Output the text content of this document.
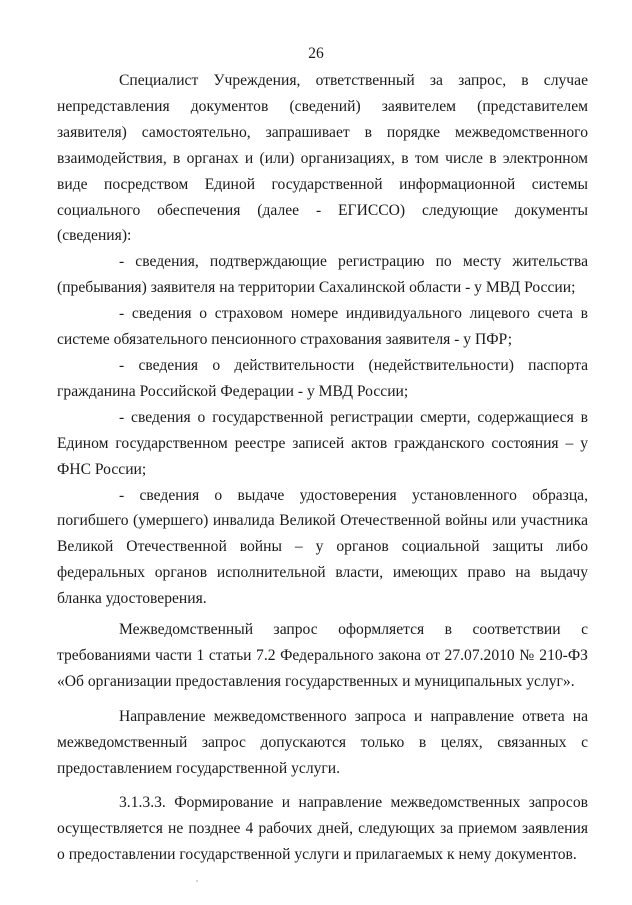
26

Специалист Учреждения, ответственный за запрос, в случае непредставления документов (сведений) заявителем (представителем заявителя) самостоятельно, запрашивает в порядке межведомственного взаимодействия, в органах и (или) организациях, в том числе в электронном виде посредством Единой государственной информационной системы социального обеспечения (далее - ЕГИССО) следующие документы (сведения):

- сведения, подтверждающие регистрацию по месту жительства (пребывания) заявителя на территории Сахалинской области - у МВД России;

- сведения о страховом номере индивидуального лицевого счета в системе обязательного пенсионного страхования заявителя - у ПФР;

- сведения о действительности (недействительности) паспорта гражданина Российской Федерации - у МВД России;

- сведения о государственной регистрации смерти, содержащиеся в Едином государственном реестре записей актов гражданского состояния – у ФНС России;

- сведения о выдаче удостоверения установленного образца, погибшего (умершего) инвалида Великой Отечественной войны или участника Великой Отечественной войны – у органов социальной защиты либо федеральных органов исполнительной власти, имеющих право на выдачу бланка удостоверения.

Межведомственный запрос оформляется в соответствии с требованиями части 1 статьи 7.2 Федерального закона от 27.07.2010 № 210-ФЗ «Об организации предоставления государственных и муниципальных услуг».

Направление межведомственного запроса и направление ответа на межведомственный запрос допускаются только в целях, связанных с предоставлением государственной услуги.

3.1.3.3. Формирование и направление межведомственных запросов осуществляется не позднее 4 рабочих дней, следующих за приемом заявления о предоставлении государственной услуги и прилагаемых к нему документов.
